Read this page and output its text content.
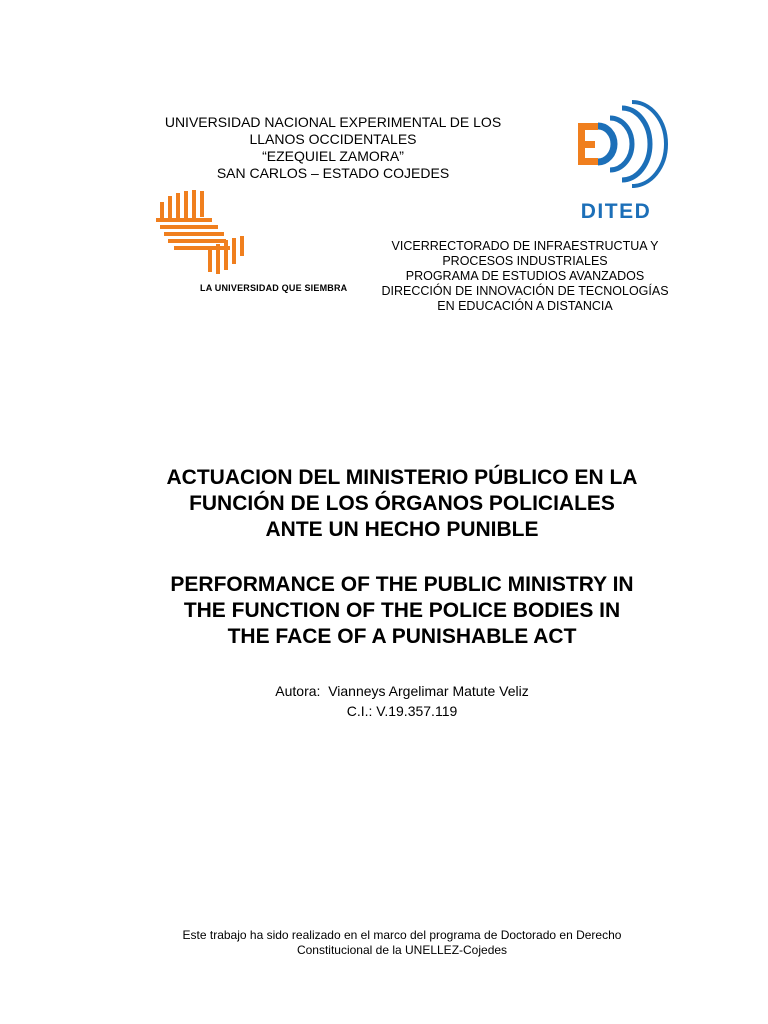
UNIVERSIDAD NACIONAL EXPERIMENTAL DE LOS
LLANOS OCCIDENTALES
“EZEQUIEL ZAMORA”
SAN CARLOS – ESTADO COJEDES
DITED
LA UNIVERSIDAD QUE SIEMBRA
VICERRECTORADO DE INFRAESTRUCTUA Y
PROCESOS INDUSTRIALES
PROGRAMA DE ESTUDIOS AVANZADOS
DIRECCIÓN DE INNOVACIÓN DE TECNOLOGÍAS
EN EDUCACIÓN A DISTANCIA
ACTUACION DEL MINISTERIO PÚBLICO EN LA
FUNCIÓN DE LOS ÓRGANOS POLICIALES
ANTE UN HECHO PUNIBLE
PERFORMANCE OF THE PUBLIC MINISTRY IN
THE FUNCTION OF THE POLICE BODIES IN
THE FACE OF A PUNISHABLE ACT
Autora:  Vianneys Argelimar Matute Veliz
C.I.: V.19.357.119
Este trabajo ha sido realizado en el marco del programa de Doctorado en Derecho
Constitucional de la UNELLEZ-Cojedes
